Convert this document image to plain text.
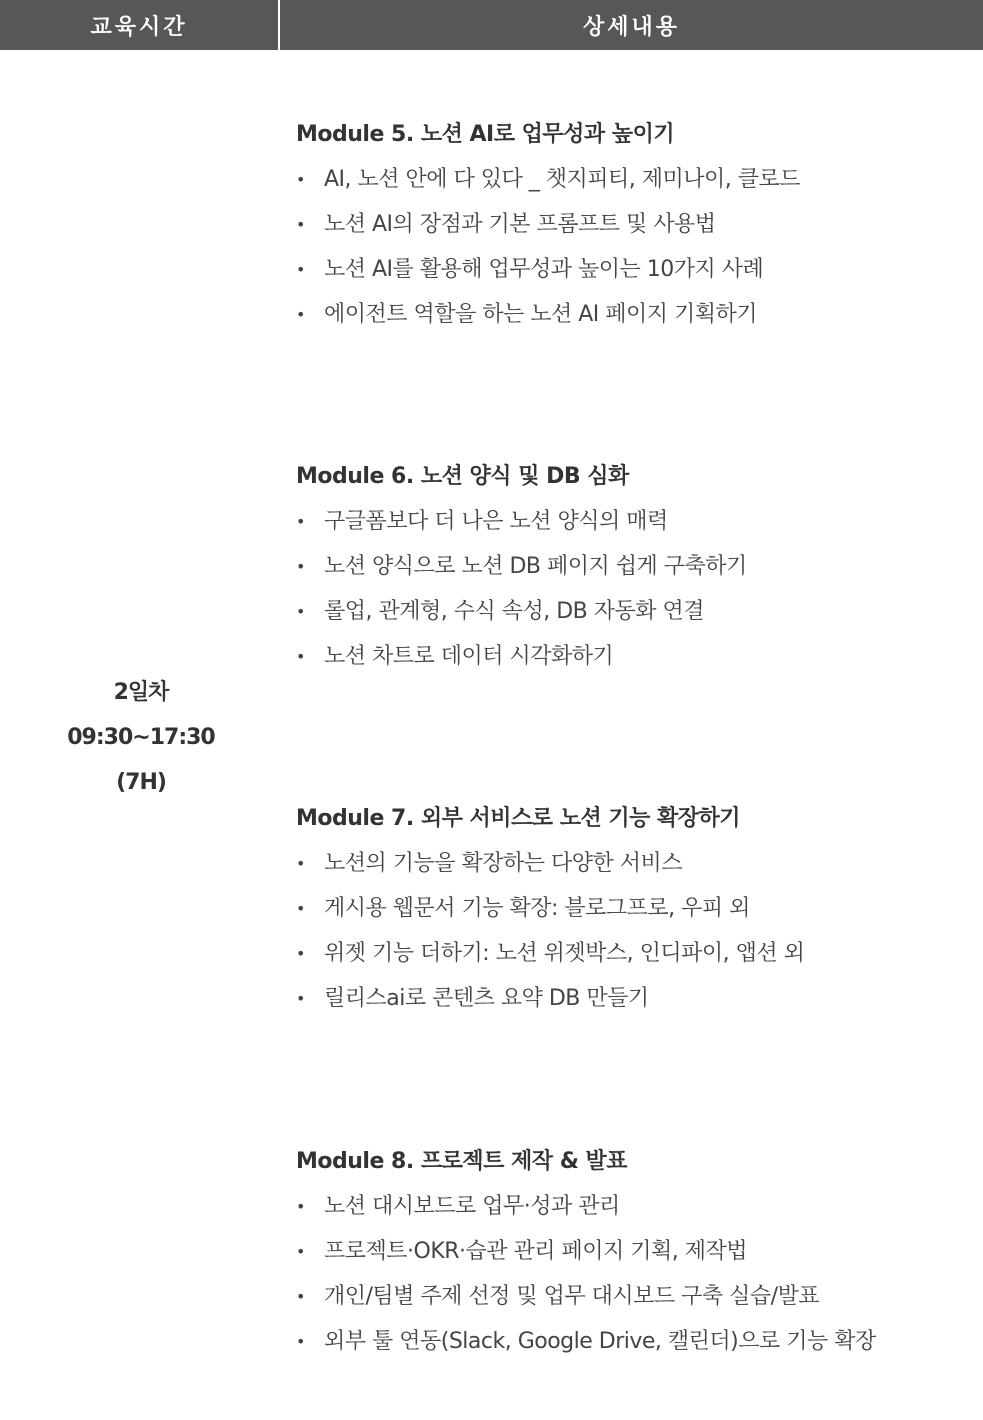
교육시간	상세내용
2일차
09:30~17:30
(7H)
Module 5. 노션 AI로 업무성과 높이기
• AI, 노션 안에 다 있다 _ 챗지피티, 제미나이, 클로드
• 노션 AI의 장점과 기본 프롬프트 및 사용법
• 노션 AI를 활용해 업무성과 높이는 10가지 사례
• 에이전트 역할을 하는 노션 AI 페이지 기획하기
Module 6. 노션 양식 및 DB 심화
• 구글폼보다 더 나은 노션 양식의 매력
• 노션 양식으로 노션 DB 페이지 쉽게 구축하기
• 롤업, 관계형, 수식 속성, DB 자동화 연결
• 노션 차트로 데이터 시각화하기
Module 7. 외부 서비스로 노션 기능 확장하기
• 노션의 기능을 확장하는 다양한 서비스
• 게시용 웹문서 기능 확장: 블로그프로, 우피 외
• 위젯 기능 더하기: 노션 위젯박스, 인디파이, 앱션 외
• 릴리스ai로 콘텐츠 요약 DB 만들기
Module 8. 프로젝트 제작 & 발표
• 노션 대시보드로 업무·성과 관리
• 프로젝트·OKR·습관 관리 페이지 기획, 제작법
• 개인/팀별 주제 선정 및 업무 대시보드 구축 실습/발표
• 외부 툴 연동(Slack, Google Drive, 캘린더)으로 기능 확장
